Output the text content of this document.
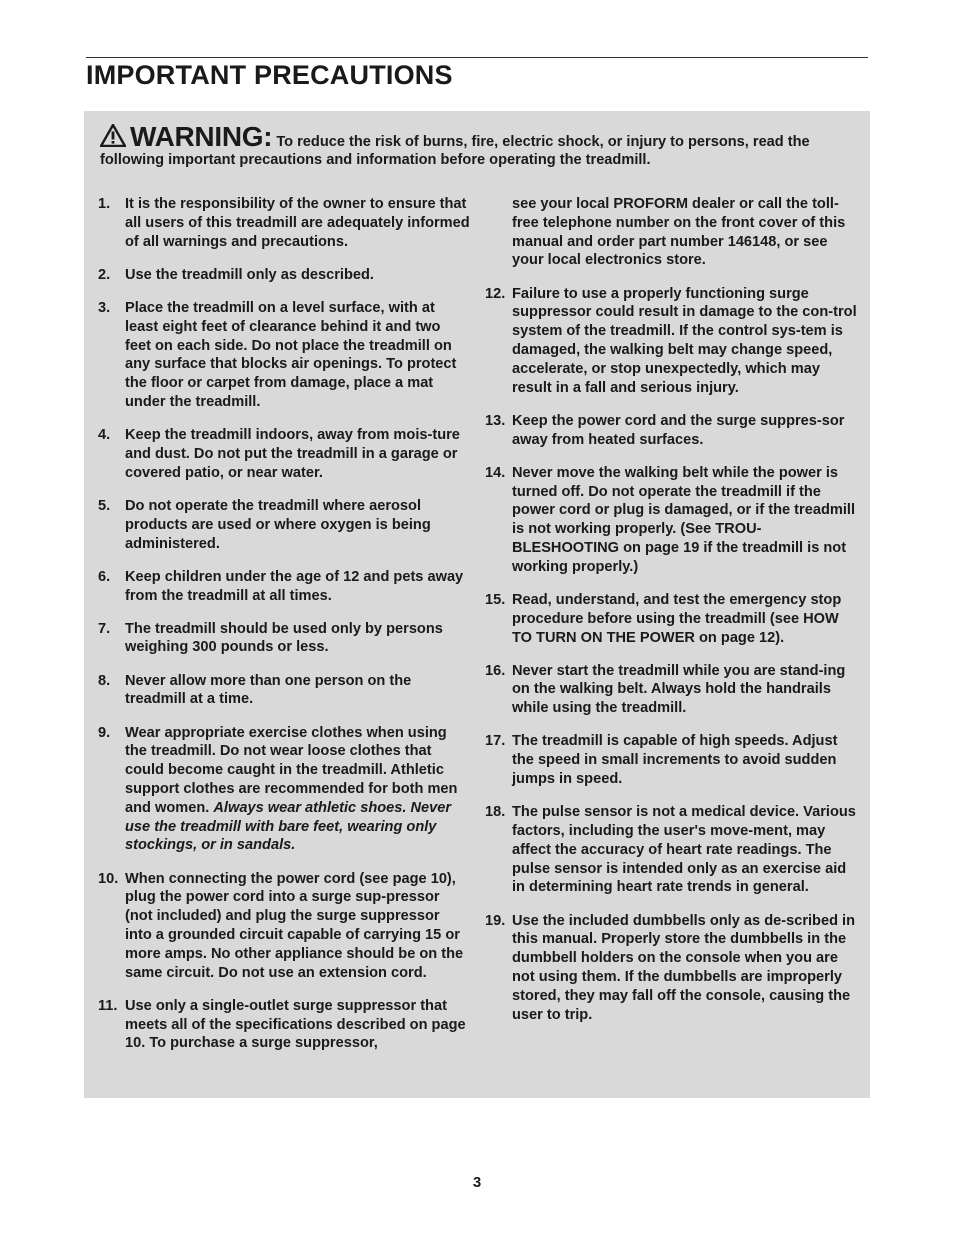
IMPORTANT PRECAUTIONS
WARNING: To reduce the risk of burns, fire, electric shock, or injury to persons, read the following important precautions and information before operating the treadmill.
1.	It is the responsibility of the owner to ensure that all users of this treadmill are adequately informed of all warnings and precautions.
2.	Use the treadmill only as described.
3.	Place the treadmill on a level surface, with at least eight feet of clearance behind it and two feet on each side. Do not place the treadmill on any surface that blocks air openings. To protect the floor or carpet from damage, place a mat under the treadmill.
4.	Keep the treadmill indoors, away from mois-ture and dust. Do not put the treadmill in a garage or covered patio, or near water.
5.	Do not operate the treadmill where aerosol products are used or where oxygen is being administered.
6.	Keep children under the age of 12 and pets away from the treadmill at all times.
7.	The treadmill should be used only by persons weighing 300 pounds or less.
8.	Never allow more than one person on the treadmill at a time.
9.	Wear appropriate exercise clothes when using the treadmill. Do not wear loose clothes that could become caught in the treadmill. Athletic support clothes are recommended for both men and women. Always wear athletic shoes. Never use the treadmill with bare feet, wearing only stockings, or in sandals.
10. When connecting the power cord (see page 10), plug the power cord into a surge sup-pressor (not included) and plug the surge suppressor into a grounded circuit capable of carrying 15 or more amps. No other appliance should be on the same circuit. Do not use an extension cord.
11. Use only a single-outlet surge suppressor that meets all of the specifications described on page 10. To purchase a surge suppressor,
see your local PROFORM dealer or call the toll-free telephone number on the front cover of this manual and order part number 146148, or see your local electronics store.
12. Failure to use a properly functioning surge suppressor could result in damage to the con-trol system of the treadmill. If the control sys-tem is damaged, the walking belt may change speed, accelerate, or stop unexpectedly, which may result in a fall and serious injury.
13. Keep the power cord and the surge suppres-sor away from heated surfaces.
14. Never move the walking belt while the power is turned off. Do not operate the treadmill if the power cord or plug is damaged, or if the treadmill is not working properly. (See TROU-BLESHOOTING on page 19 if the treadmill is not working properly.)
15. Read, understand, and test the emergency stop procedure before using the treadmill (see HOW TO TURN ON THE POWER on page 12).
16. Never start the treadmill while you are stand-ing on the walking belt. Always hold the handrails while using the treadmill.
17. The treadmill is capable of high speeds. Adjust the speed in small increments to avoid sudden jumps in speed.
18. The pulse sensor is not a medical device. Various factors, including the user's move-ment, may affect the accuracy of heart rate readings. The pulse sensor is intended only as an exercise aid in determining heart rate trends in general.
19. Use the included dumbbells only as de-scribed in this manual. Properly store the dumbbells in the dumbbell holders on the console when you are not using them. If the dumbbells are improperly stored, they may fall off the console, causing the user to trip.
3
